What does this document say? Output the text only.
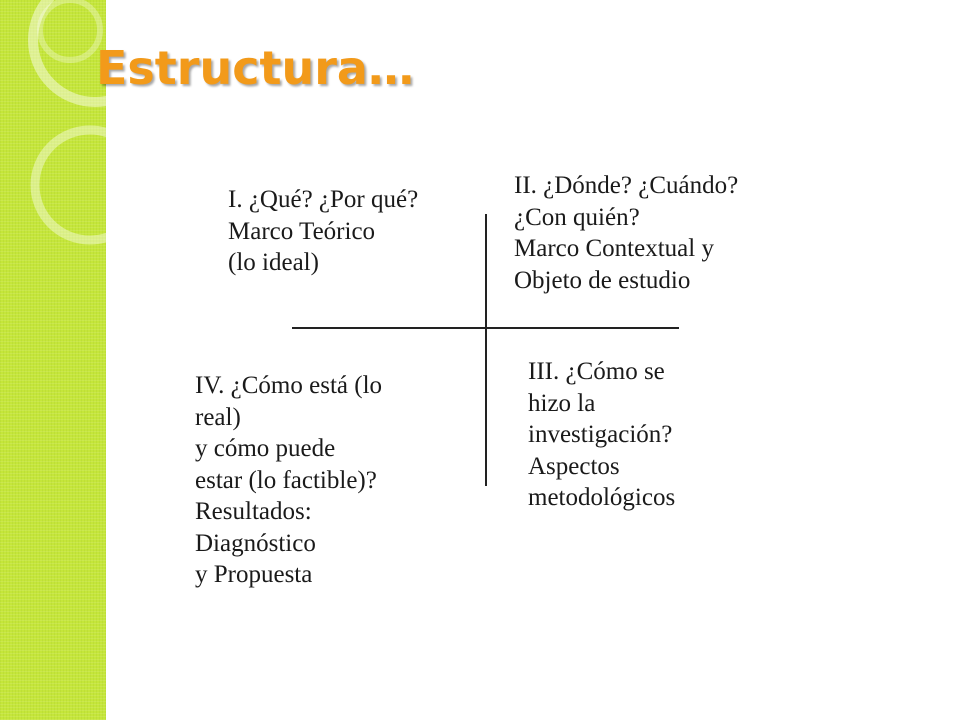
Estructura…
I. ¿Qué? ¿Por qué?
Marco Teórico
(lo ideal)
II. ¿Dónde? ¿Cuándo?
¿Con quién?
Marco Contextual y
Objeto de estudio
III. ¿Cómo se
hizo la
investigación?
Aspectos
metodológicos
IV. ¿Cómo está (lo
real)
y cómo puede
estar (lo factible)?
Resultados:
Diagnóstico
y Propuesta
